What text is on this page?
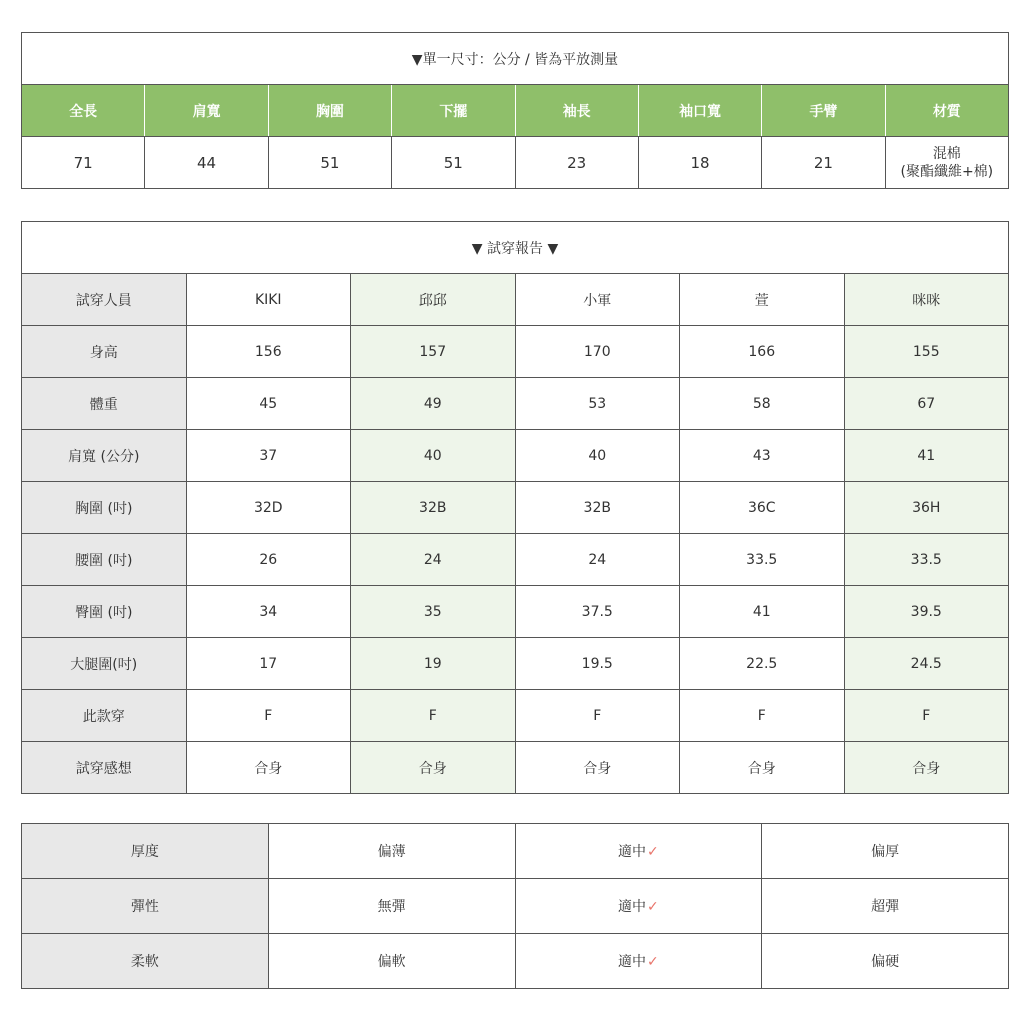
▼單一尺寸：公分 / 皆為平放測量							
全長	肩寬	胸圍	下擺	袖長	袖口寬	手臂	材質
71	44	51	51	23	18	21	混棉
(聚酯纖維+棉)
▼ 試穿報告 ▼					
試穿人員	KIKI	邱邱	小軍	萱	咪咪
身高	156	157	170	166	155
體重	45	49	53	58	67
肩寬 (公分)	37	40	40	43	41
胸圍 (吋)	32D	32B	32B	36C	36H
腰圍 (吋)	26	24	24	33.5	33.5
臀圍 (吋)	34	35	37.5	41	39.5
大腿圍(吋)	17	19	19.5	22.5	24.5
此款穿	F	F	F	F	F
試穿感想	合身	合身	合身	合身	合身
厚度	偏薄	適中✓	偏厚
彈性	無彈	適中✓	超彈
柔軟	偏軟	適中✓	偏硬
